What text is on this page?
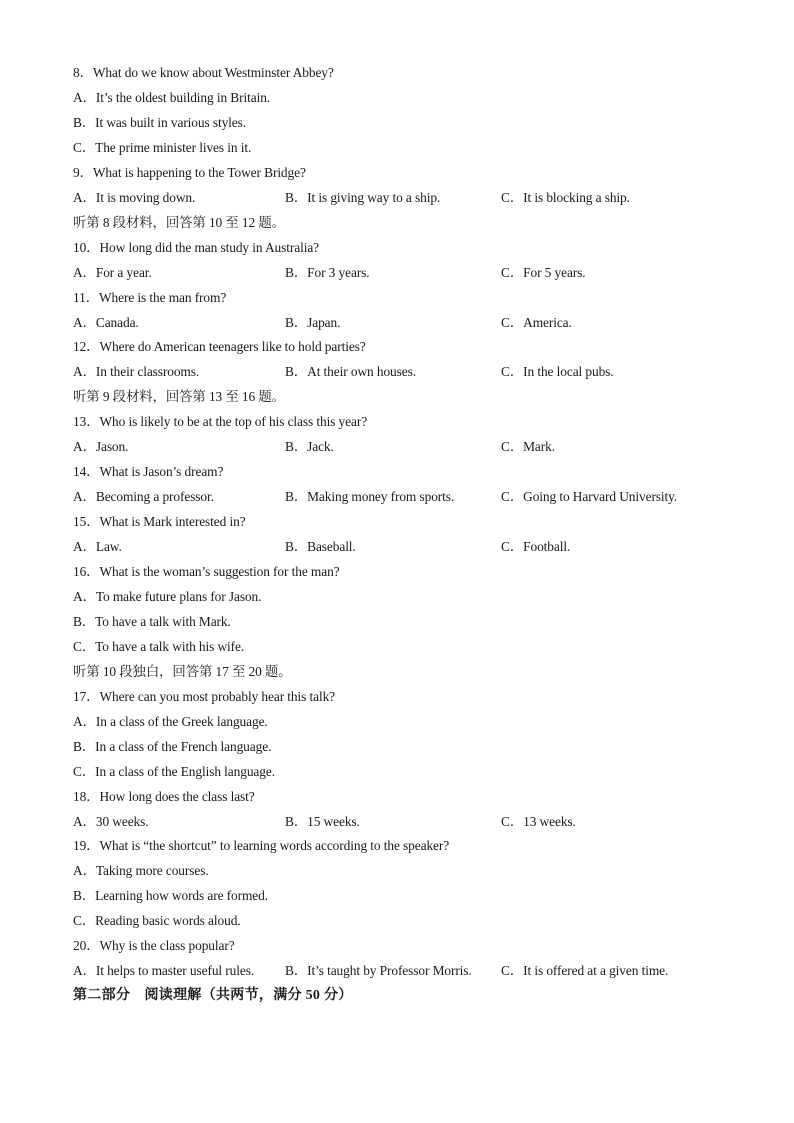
8．What do we know about Westminster Abbey?
A．It’s the oldest building in Britain.
B．It was built in various styles.
C．The prime minister lives in it.
9．What is happening to the Tower Bridge?
A．It is moving down.	B．It is giving way to a ship.	C．It is blocking a ship.
听第 8 段材料，回答第 10 至 12 题。
10．How long did the man study in Australia?
A．For a year.	B．For 3 years.	C．For 5 years.
11．Where is the man from?
A．Canada.	B．Japan.	C．America.
12．Where do American teenagers like to hold parties?
A．In their classrooms.	B．At their own houses.	C．In the local pubs.
听第 9 段材料，回答第 13 至 16 题。
13．Who is likely to be at the top of his class this year?
A．Jason.	B．Jack.	C．Mark.
14．What is Jason’s dream?
A．Becoming a professor.	B．Making money from sports.	C．Going to Harvard University.
15．What is Mark interested in?
A．Law.	B．Baseball.	C．Football.
16．What is the woman’s suggestion for the man?
A．To make future plans for Jason.
B．To have a talk with Mark.
C．To have a talk with his wife.
听第 10 段独白，回答第 17 至 20 题。
17．Where can you most probably hear this talk?
A．In a class of the Greek language.
B．In a class of the French language.
C．In a class of the English language.
18．How long does the class last?
A．30 weeks.	B．15 weeks.	C．13 weeks.
19．What is “the shortcut” to learning words according to the speaker?
A．Taking more courses.
B．Learning how words are formed.
C．Reading basic words aloud.
20．Why is the class popular?
A．It helps to master useful rules. B．It’s taught by Professor Morris. C．It is offered at a given time.
第二部分　阅读理解（共两节，满分 50 分）
